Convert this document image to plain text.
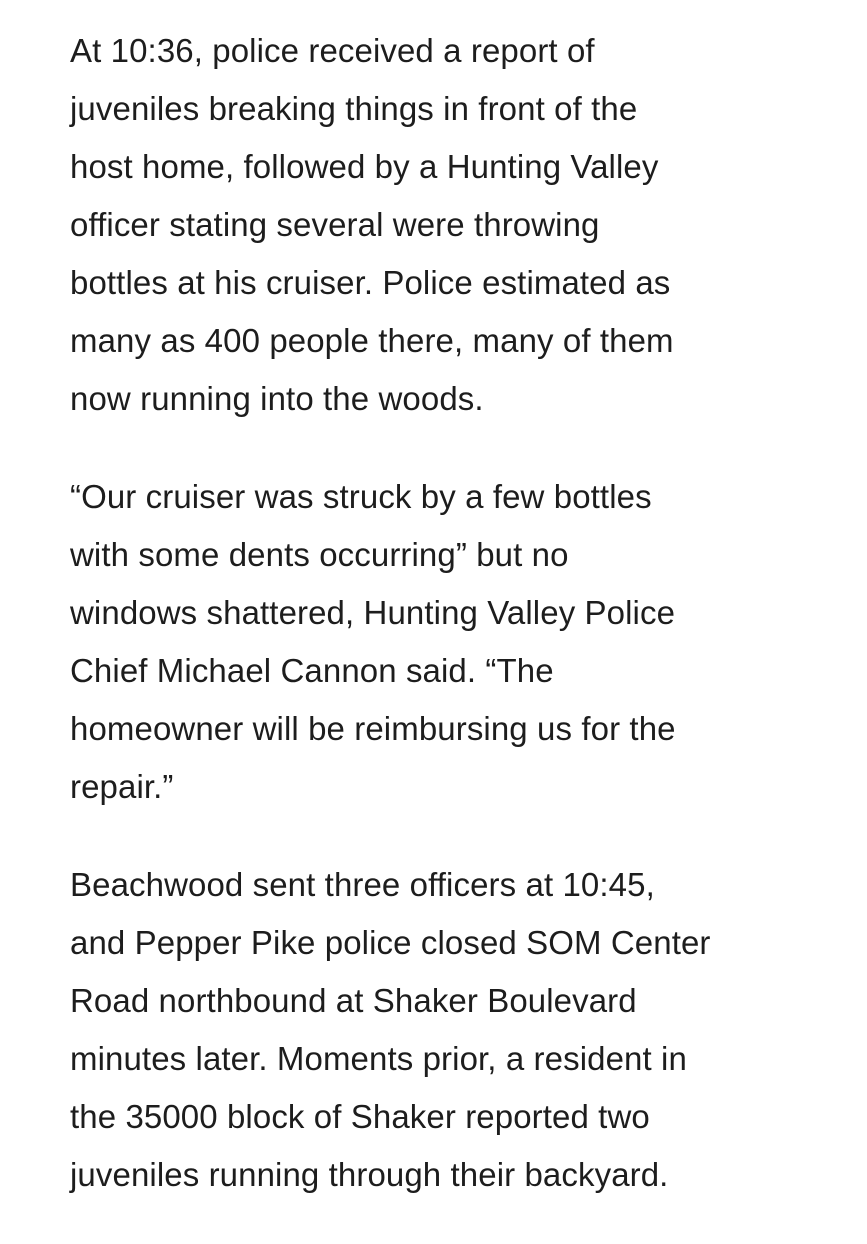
At 10:36, police received a report of
juveniles breaking things in front of the
host home, followed by a Hunting Valley
officer stating several were throwing
bottles at his cruiser. Police estimated as
many as 400 people there, many of them
now running into the woods.

“Our cruiser was struck by a few bottles
with some dents occurring” but no
windows shattered, Hunting Valley Police
Chief Michael Cannon said. “The
homeowner will be reimbursing us for the
repair.”

Beachwood sent three officers at 10:45,
and Pepper Pike police closed SOM Center
Road northbound at Shaker Boulevard
minutes later. Moments prior, a resident in
the 35000 block of Shaker reported two
juveniles running through their backyard.
